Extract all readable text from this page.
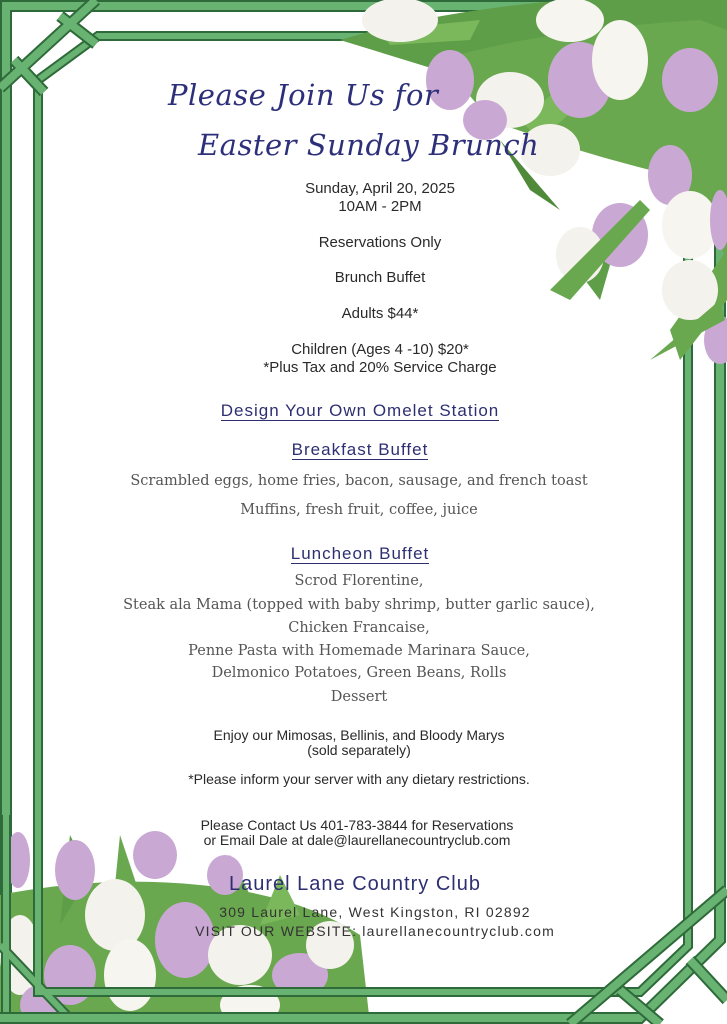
Please Join Us for
Easter Sunday Brunch
Sunday, April 20, 2025
10AM - 2PM
Reservations Only
Brunch Buffet
Adults $44*
Children (Ages 4 -10) $20*
*Plus Tax and 20% Service Charge
Design Your Own Omelet Station
Breakfast Buffet
Scrambled eggs, home fries, bacon, sausage, and french toast
Muffins, fresh fruit, coffee, juice
Luncheon Buffet
Scrod Florentine,
Steak ala Mama (topped with baby shrimp, butter garlic sauce),
Chicken Francaise,
Penne Pasta with Homemade Marinara Sauce,
Delmonico Potatoes, Green Beans, Rolls
Dessert
Enjoy our Mimosas, Bellinis, and Bloody Marys
(sold separately)
*Please inform your server with any dietary restrictions.
Please Contact Us 401-783-3844 for Reservations
or Email Dale at dale@laurellanecountryclub.com
Laurel Lane Country Club
309 Laurel Lane, West Kingston, RI 02892
VISIT OUR WEBSITE: laurellanecountryclub.com
